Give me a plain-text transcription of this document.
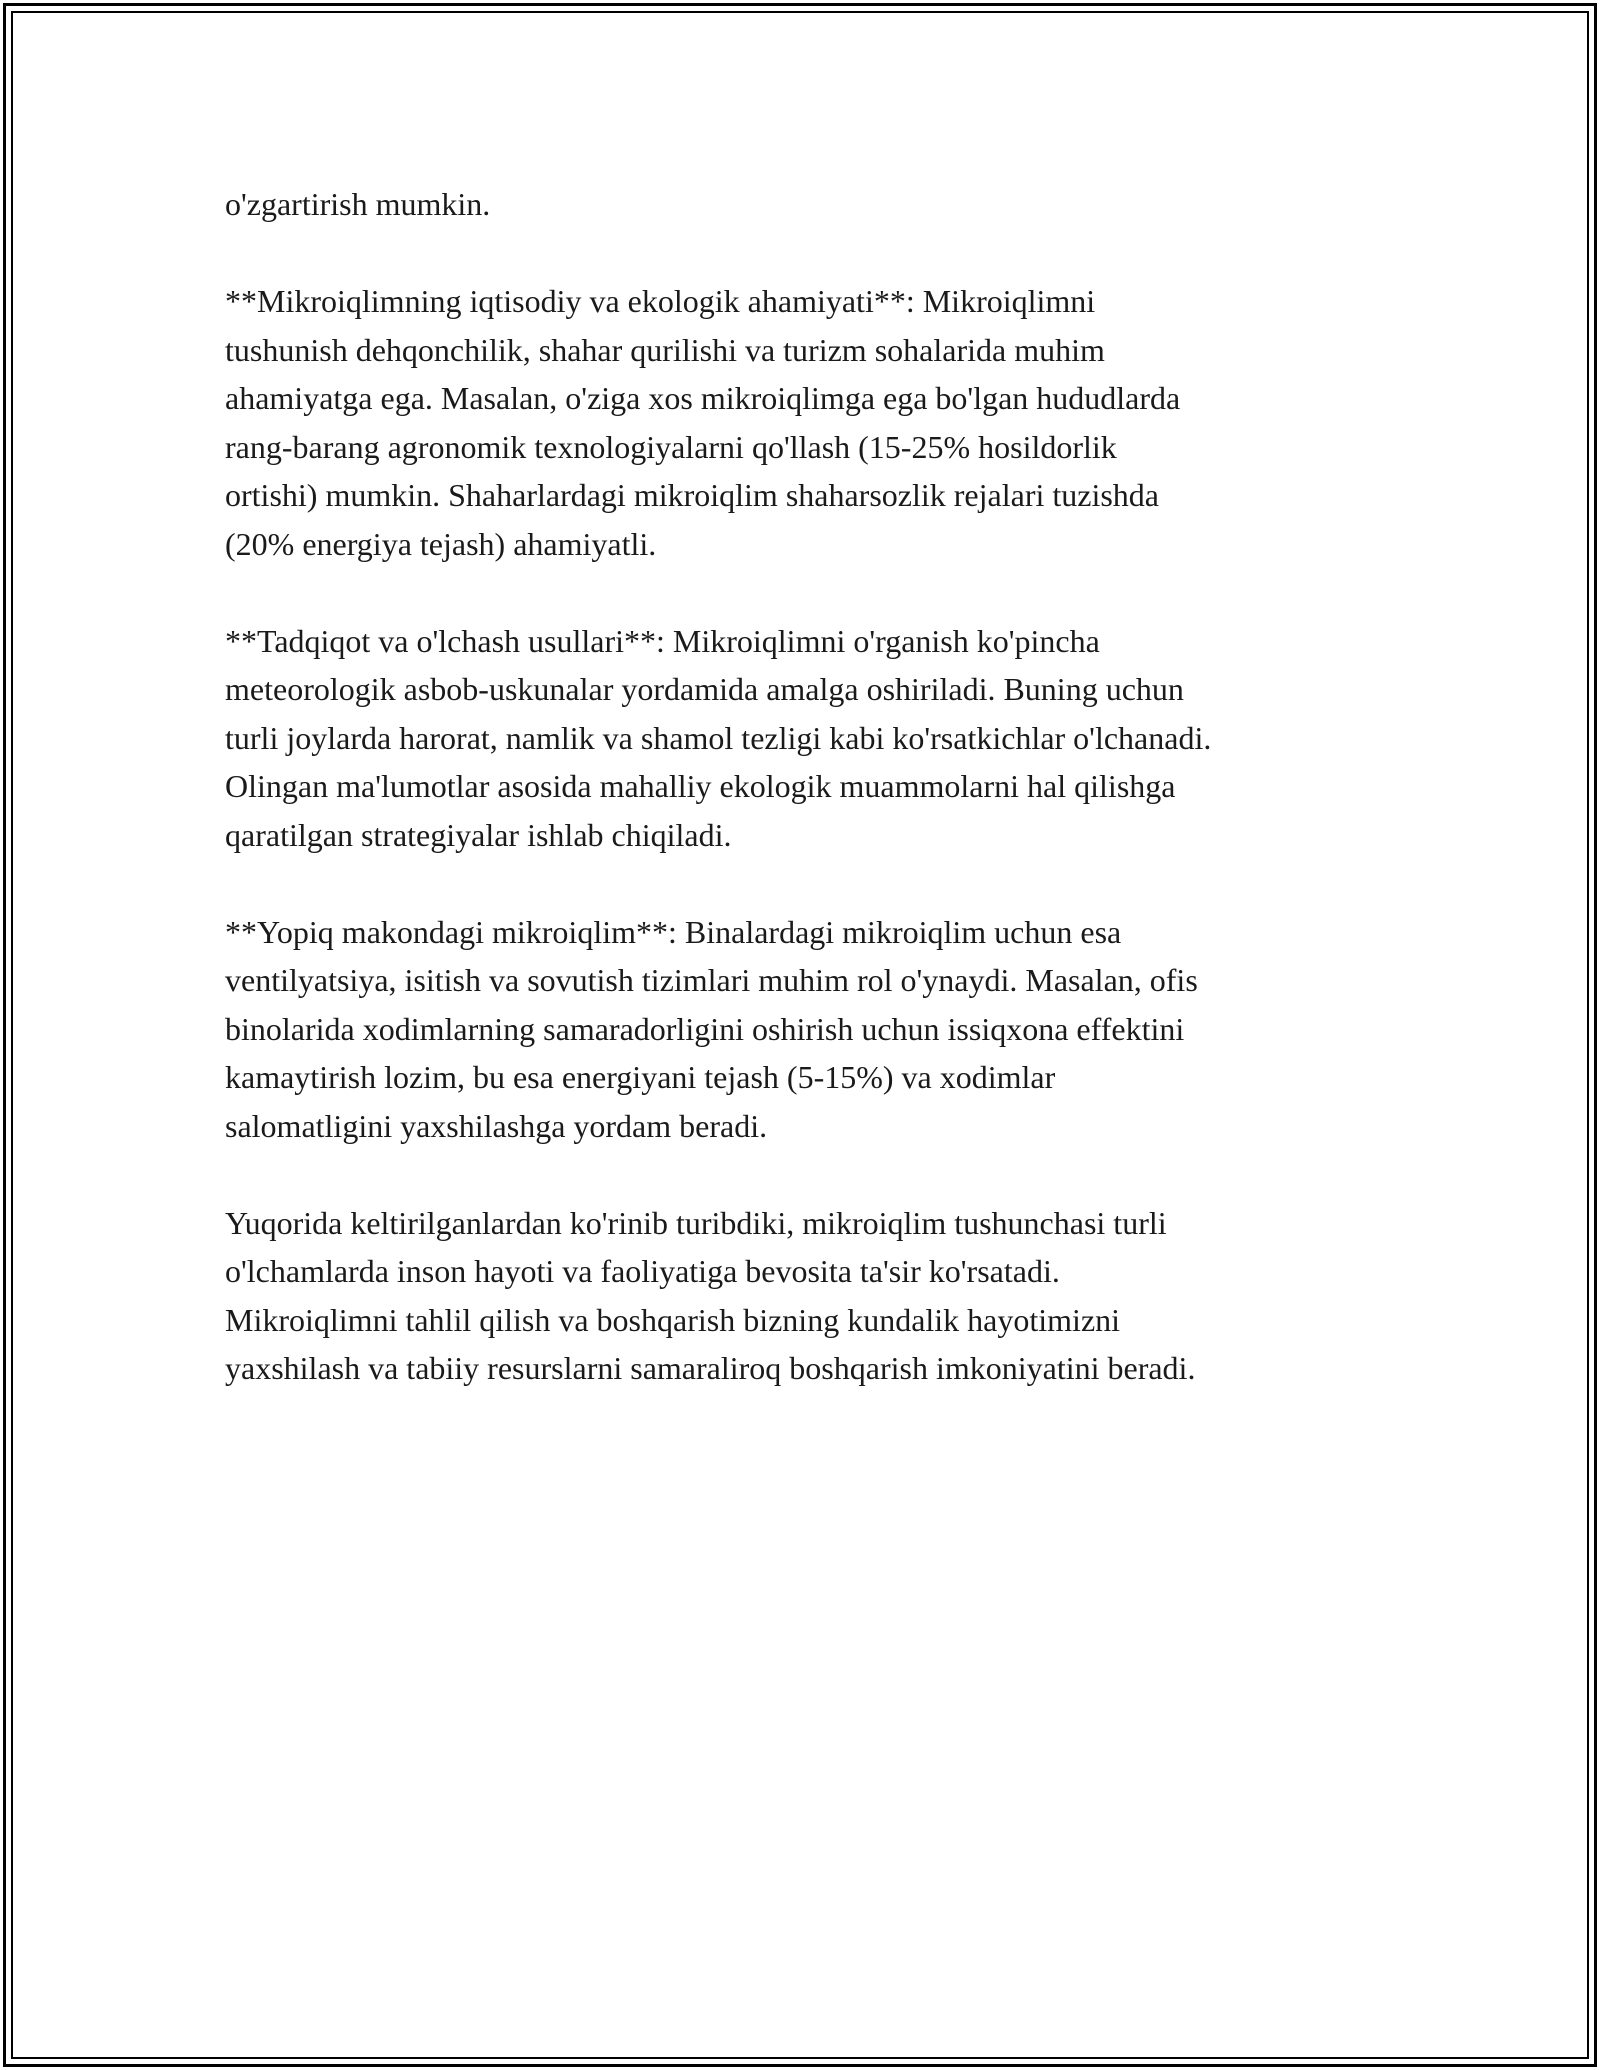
o'zgartirish mumkin.
**Mikroiqlimning iqtisodiy va ekologik ahamiyati**: Mikroiqlimni
tushunish dehqonchilik, shahar qurilishi va turizm sohalarida muhim
ahamiyatga ega. Masalan, o'ziga xos mikroiqlimga ega bo'lgan hududlarda
rang-barang agronomik texnologiyalarni qo'llash (15-25% hosildorlik
ortishi) mumkin. Shaharlardagi mikroiqlim shaharsozlik rejalari tuzishda
(20% energiya tejash) ahamiyatli.
**Tadqiqot va o'lchash usullari**: Mikroiqlimni o'rganish ko'pincha
meteorologik asbob-uskunalar yordamida amalga oshiriladi. Buning uchun
turli joylarda harorat, namlik va shamol tezligi kabi ko'rsatkichlar o'lchanadi.
Olingan ma'lumotlar asosida mahalliy ekologik muammolarni hal qilishga
qaratilgan strategiyalar ishlab chiqiladi.
**Yopiq makondagi mikroiqlim**: Binalardagi mikroiqlim uchun esa
ventilyatsiya, isitish va sovutish tizimlari muhim rol o'ynaydi. Masalan, ofis
binolarida xodimlarning samaradorligini oshirish uchun issiqxona effektini
kamaytirish lozim, bu esa energiyani tejash (5-15%) va xodimlar
salomatligini yaxshilashga yordam beradi.
Yuqorida keltirilganlardan ko'rinib turibdiki, mikroiqlim tushunchasi turli
o'lchamlarda inson hayoti va faoliyatiga bevosita ta'sir ko'rsatadi.
Mikroiqlimni tahlil qilish va boshqarish bizning kundalik hayotimizni
yaxshilash va tabiiy resurslarni samaraliroq boshqarish imkoniyatini beradi.
